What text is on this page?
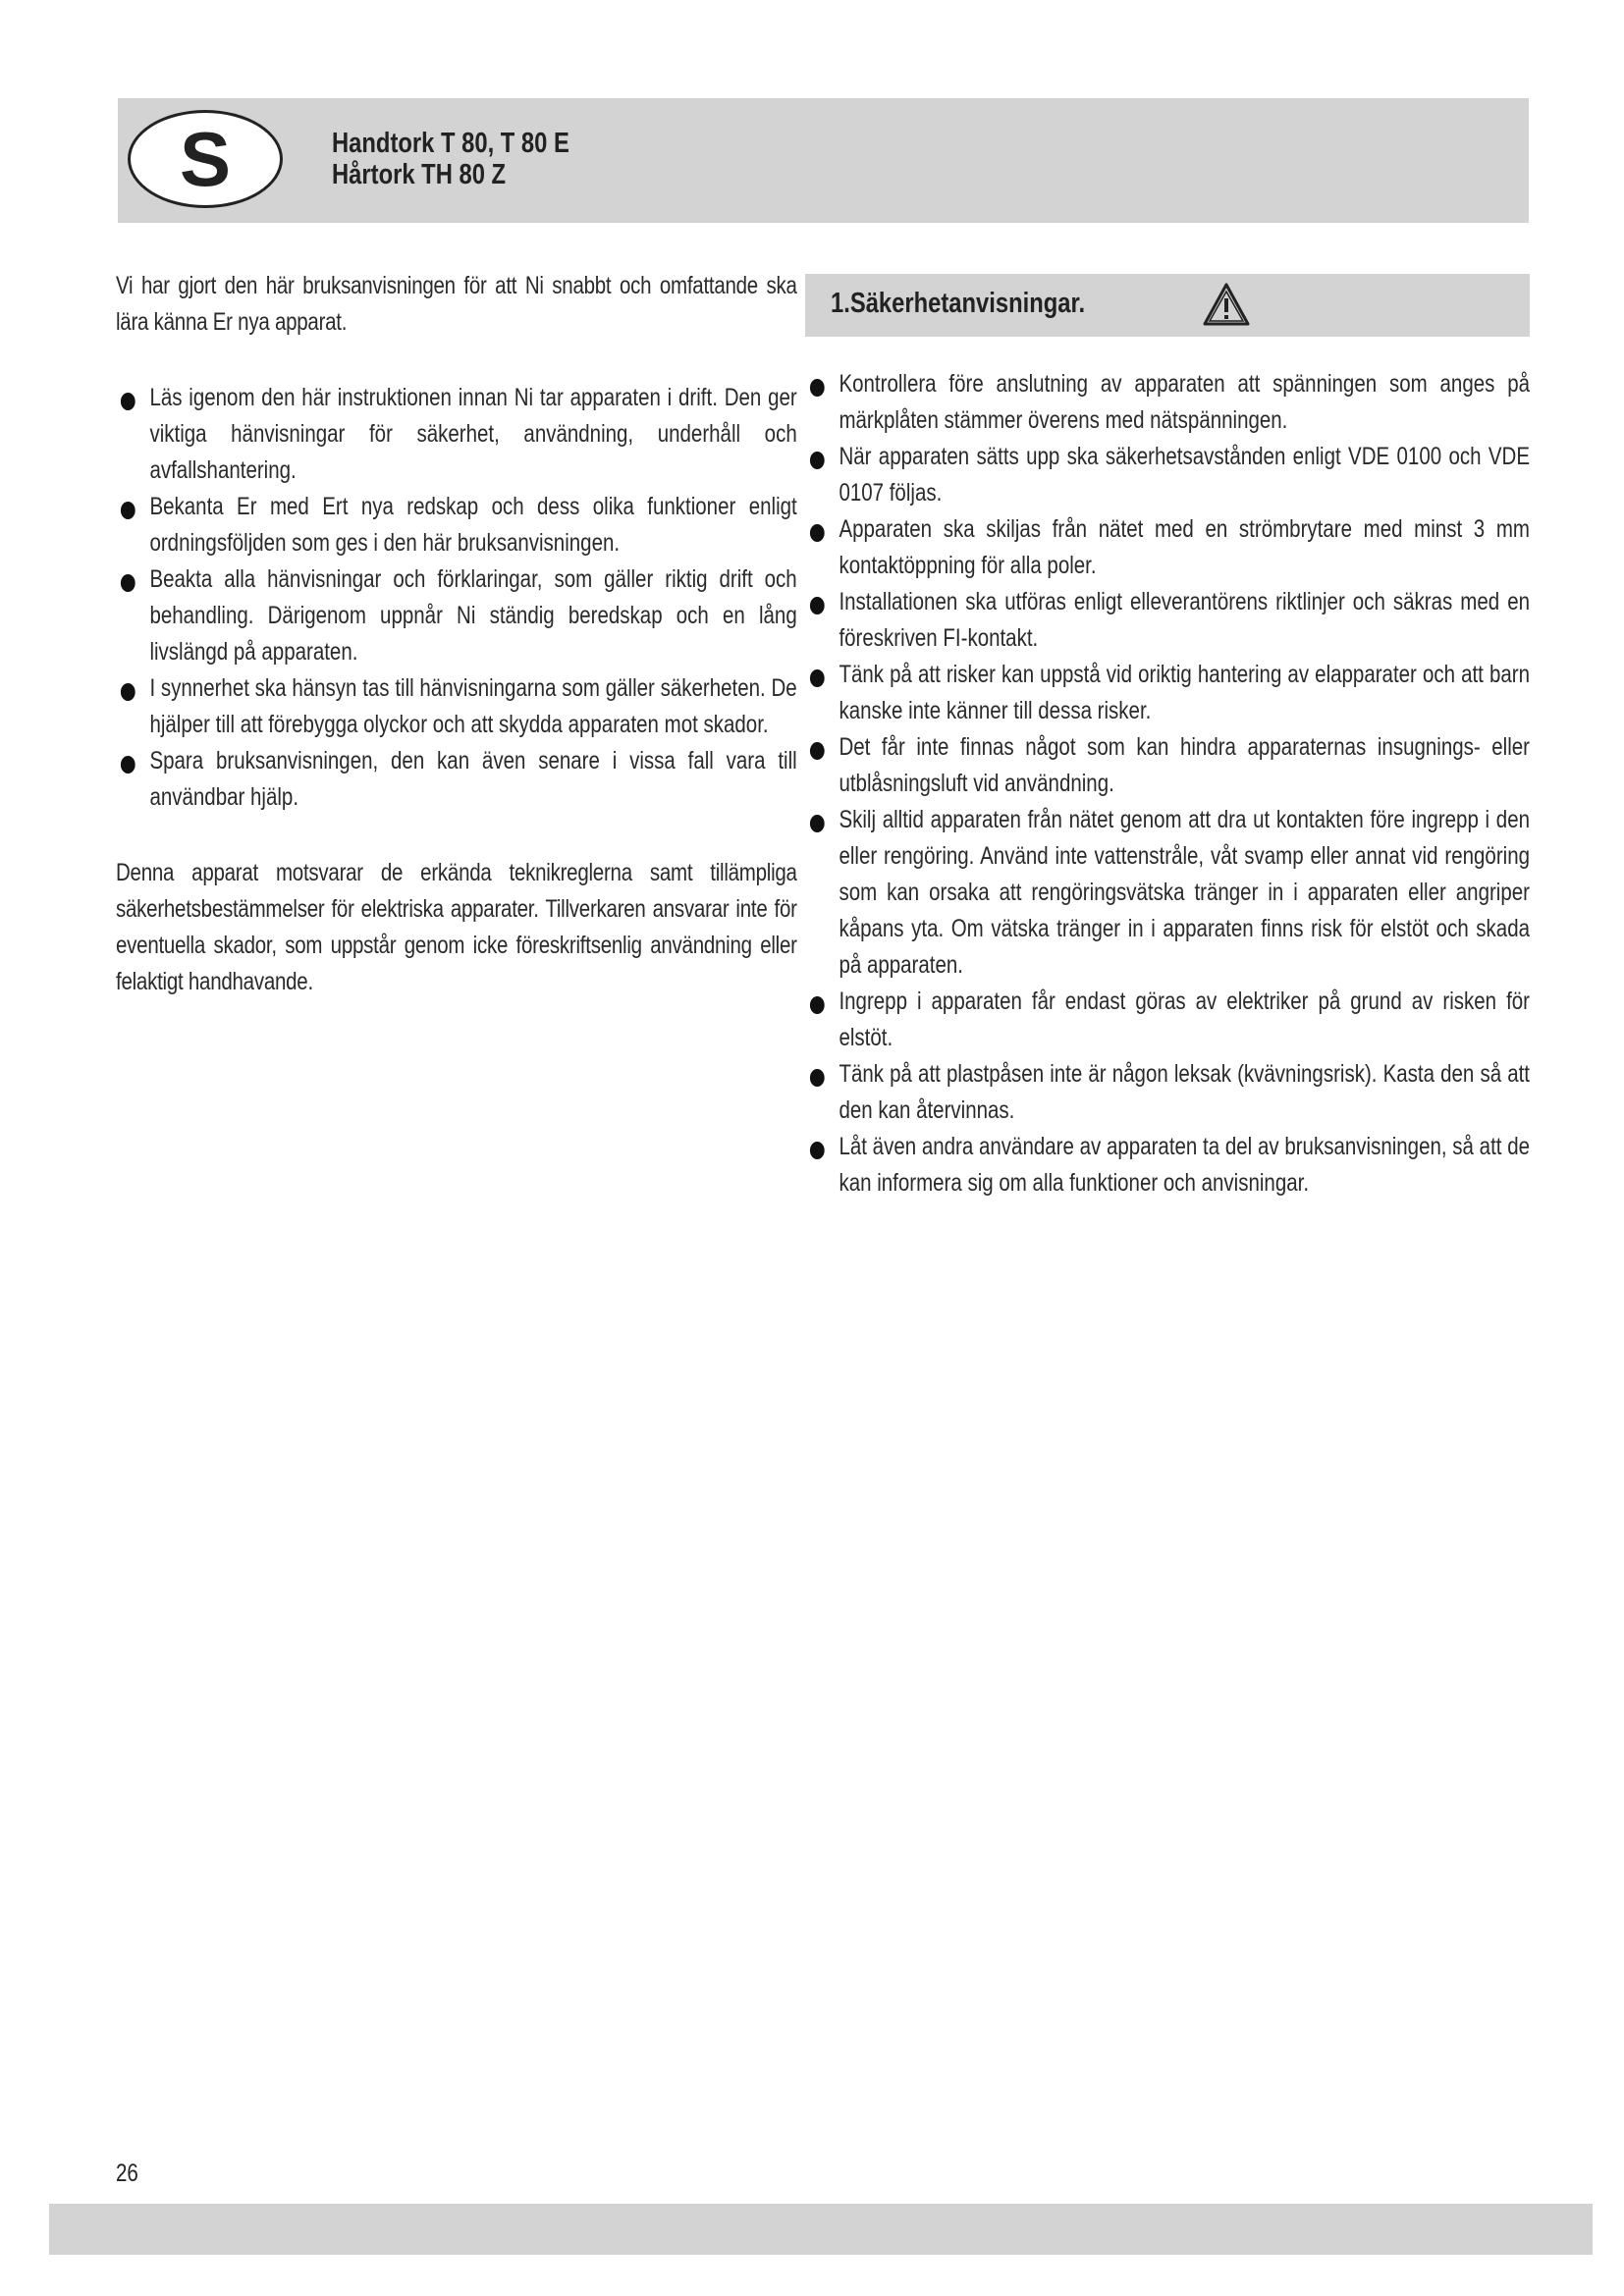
S	Handtork T 80, T 80 E
Hårtork TH 80 Z

Vi har gjort den här bruksanvisningen för att Ni snabbt och omfattande ska lära känna Er nya apparat.

Läs igenom den här instruktionen innan Ni tar apparaten i drift. Den ger viktiga hänvisningar för säkerhet, användning, underhåll och avfallshantering.
Bekanta Er med Ert nya redskap och dess olika funktioner enligt ordningsföljden som ges i den här bruksanvisningen.
Beakta alla hänvisningar och förklaringar, som gäller riktig drift och behandling. Därigenom uppnår Ni ständig beredskap och en lång livslängd på apparaten.
I synnerhet ska hänsyn tas till hänvisningarna som gäller säkerheten. De hjälper till att förebygga olyckor och att skydda apparaten mot skador.
Spara bruksanvisningen, den kan även senare i vissa fall vara till användbar hjälp.

Denna apparat motsvarar de erkända teknikreglerna samt tillämpliga säkerhetsbestämmelser för elektriska apparater. Tillverkaren ansvarar inte för eventuella skador, som uppstår genom icke föreskriftsenlig användning eller felaktigt handhavande.

1.Säkerhetanvisningar.
Kontrollera före anslutning av apparaten att spänningen som anges på märkplåten stämmer överens med nätspänningen.
När apparaten sätts upp ska säkerhetsavstånden enligt VDE 0100 och VDE 0107 följas.
Apparaten ska skiljas från nätet med en strömbrytare med minst 3 mm kontaktöppning för alla poler.
Installationen ska utföras enligt elleverantörens riktlinjer och säkras med en föreskriven FI-kontakt.
Tänk på att risker kan uppstå vid oriktig hantering av elapparater och att barn kanske inte känner till dessa risker.
Det får inte finnas något som kan hindra apparaternas insugnings- eller utblåsningsluft vid användning.
Skilj alltid apparaten från nätet genom att dra ut kontakten före ingrepp i den eller rengöring. Använd inte vattenstråle, våt svamp eller annat vid rengöring som kan orsaka att rengöringsvätska tränger in i apparaten eller angriper kåpans yta. Om vätska tränger in i apparaten finns risk för elstöt och skada på apparaten.
Ingrepp i apparaten får endast göras av elektriker på grund av risken för elstöt.
Tänk på att plastpåsen inte är någon leksak (kvävningsrisk). Kasta den så att den kan återvinnas.
Låt även andra användare av apparaten ta del av bruksanvisningen, så att de kan informera sig om alla funktioner och anvisningar.
26
